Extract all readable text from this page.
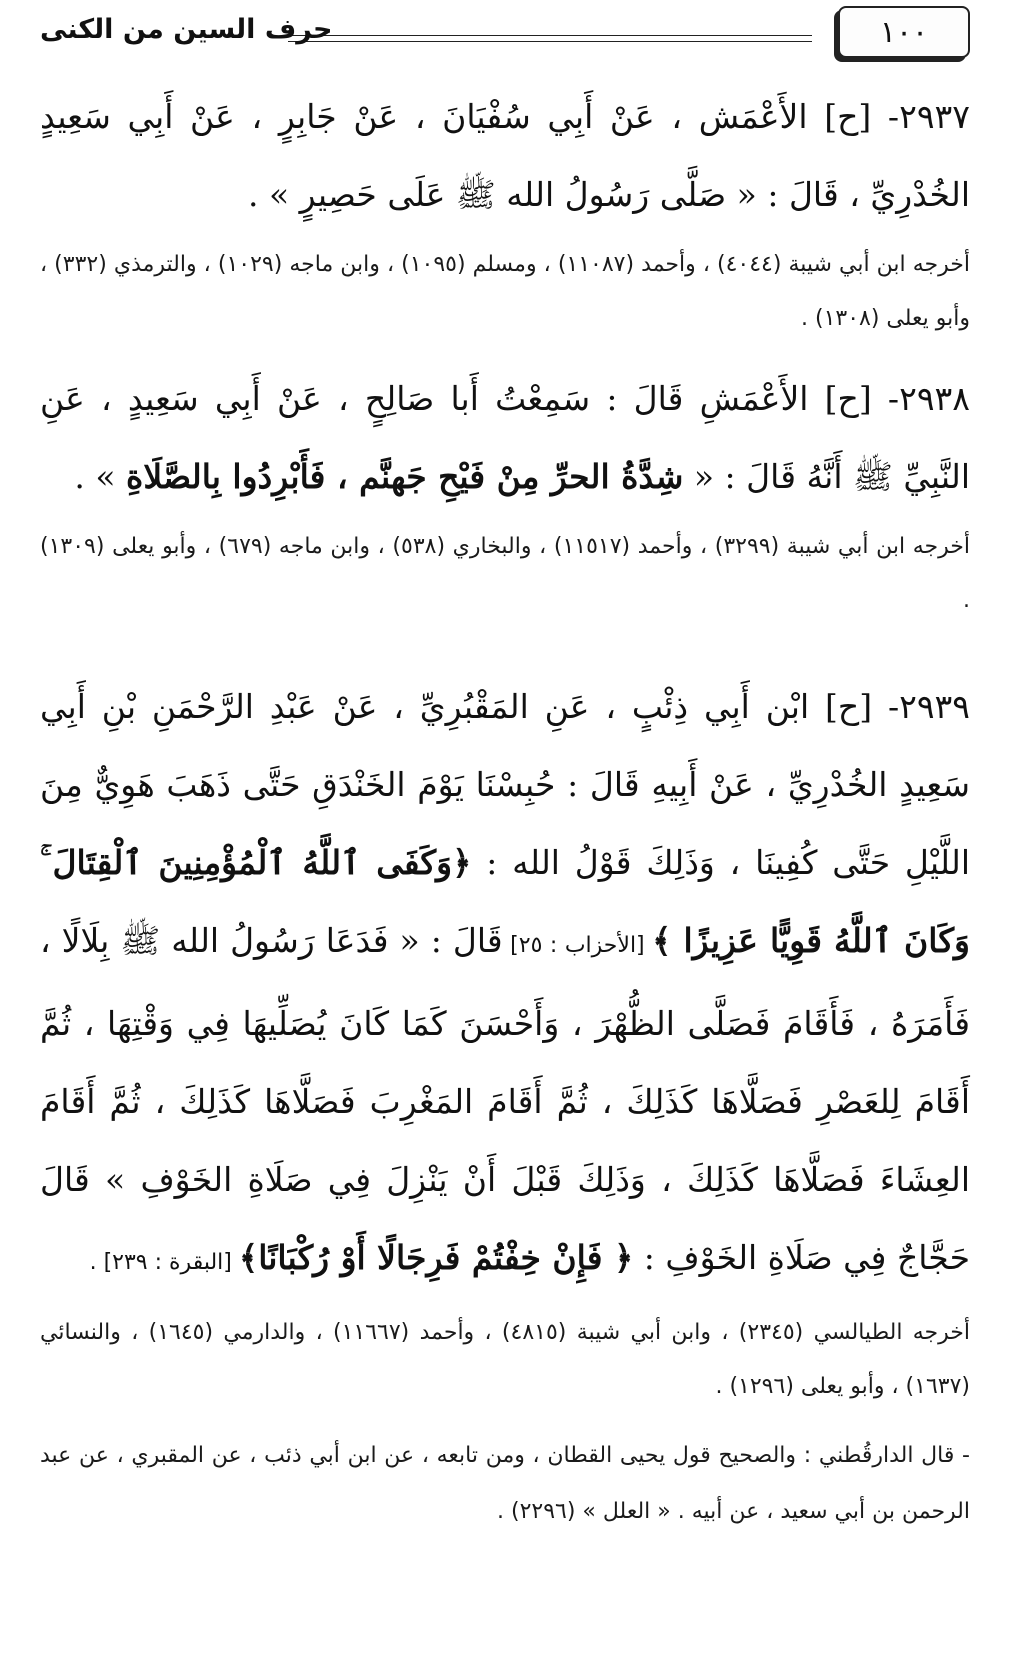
١٠٠
حرف السين من الكنى

٢٩٣٧- [ح] الأَعْمَش ، عَنْ أَبِي سُفْيَانَ ، عَنْ جَابِرٍ ، عَنْ أَبِي سَعِيدٍ الخُدْرِيِّ ، قَالَ : « صَلَّى رَسُولُ الله ﷺ عَلَى حَصِيرٍ » .

أخرجه ابن أبي شيبة (٤٠٤٤) ، وأحمد (١١٠٨٧) ، ومسلم (١٠٩٥) ، وابن ماجه (١٠٢٩) ، والترمذي (٣٣٢) ، وأبو يعلى (١٣٠٨) .

٢٩٣٨- [ح] الأَعْمَشِ قَالَ : سَمِعْتُ أَبا صَالِحٍ ، عَنْ أَبِي سَعِيدٍ ، عَنِ النَّبِيِّ ﷺ أَنَّهُ قَالَ : « شِدَّةُ الحرِّ مِنْ فَيْحِ جَهنَّم ، فَأَبْرِدُوا بِالصَّلَاةِ » .

أخرجه ابن أبي شيبة (٣٢٩٩) ، وأحمد (١١٥١٧) ، والبخاري (٥٣٨) ، وابن ماجه (٦٧٩) ، وأبو يعلى (١٣٠٩) .

٢٩٣٩- [ح] ابْن أَبِي ذِئْبٍ ، عَنِ المَقْبُرِيِّ ، عَنْ عَبْدِ الرَّحْمَنِ بْنِ أَبِي سَعِيدٍ الخُدْرِيِّ ، عَنْ أَبِيهِ قَالَ : حُبِسْنَا يَوْمَ الخَنْدَقِ حَتَّى ذَهَبَ هَوِيٌّ مِنَ اللَّيْلِ حَتَّى كُفِينَا ، وَذَلِكَ قَوْلُ الله : ﴿وَكَفَى ٱللَّهُ ٱلْمُؤْمِنِينَ ٱلْقِتَالَ ۚ وَكَانَ ٱللَّهُ قَوِيًّا عَزِيزًا ﴾ [الأحزاب : ٢٥] قَالَ : « فَدَعَا رَسُولُ الله ﷺ بِلَالًا ، فَأَمَرَهُ ، فَأَقَامَ فَصَلَّى الظُّهْرَ ، وَأَحْسَنَ كَمَا كَانَ يُصَلِّيهَا فِي وَقْتِهَا ، ثُمَّ أَقَامَ لِلعَصْرِ فَصَلَّاهَا كَذَلِكَ ، ثُمَّ أَقَامَ المَغْرِبَ فَصَلَّاهَا كَذَلِكَ ، ثُمَّ أَقَامَ العِشَاءَ فَصَلَّاهَا كَذَلِكَ ، وَذَلِكَ قَبْلَ أَنْ يَنْزِلَ فِي صَلَاةِ الخَوْفِ » قَالَ حَجَّاجٌ فِي صَلَاةِ الخَوْفِ : ﴿ فَإِنْ خِفْتُمْ فَرِجَالًا أَوْ رُكْبَانًا﴾ [البقرة : ٢٣٩] .

أخرجه الطيالسي (٢٣٤٥) ، وابن أبي شيبة (٤٨١٥) ، وأحمد (١١٦٦٧) ، والدارمي (١٦٤٥) ، والنسائي (١٦٣٧) ، وأبو يعلى (١٢٩٦) .

- قال الدارقُطني : والصحيح قول يحيى القطان ، ومن تابعه ، عن ابن أبي ذئب ، عن المقبري ، عن عبد الرحمن بن أبي سعيد ، عن أبيه . « العلل » (٢٢٩٦) .
